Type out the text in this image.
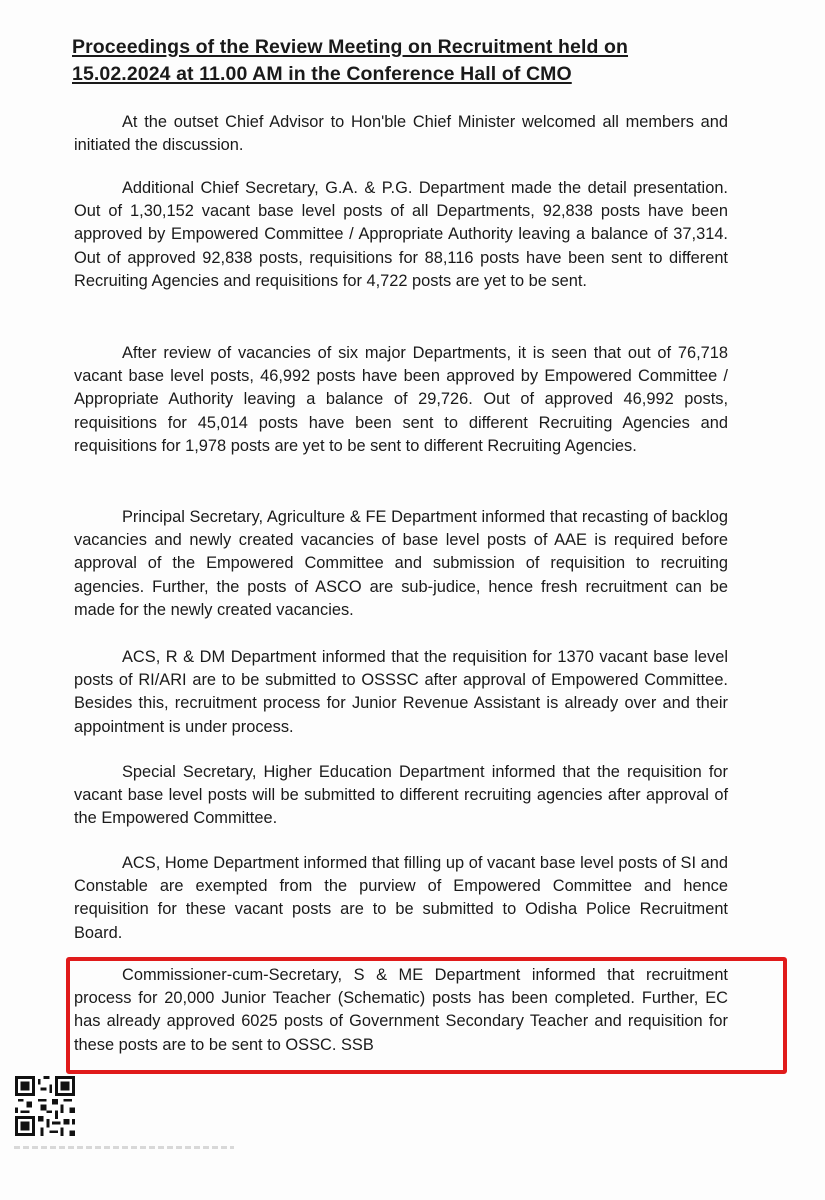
Proceedings of the Review Meeting on Recruitment held on
15.02.2024 at 11.00 AM in the Conference Hall of CMO

At the outset Chief Advisor to Hon'ble Chief Minister welcomed all members and initiated the discussion.

Additional Chief Secretary, G.A. & P.G. Department made the detail presentation. Out of 1,30,152 vacant base level posts of all Departments, 92,838 posts have been approved by Empowered Committee / Appropriate Authority leaving a balance of 37,314. Out of approved 92,838 posts, requisitions for 88,116 posts have been sent to different Recruiting Agencies and requisitions for 4,722 posts are yet to be sent.

After review of vacancies of six major Departments, it is seen that out of 76,718 vacant base level posts, 46,992 posts have been approved by Empowered Committee / Appropriate Authority leaving a balance of 29,726. Out of approved 46,992 posts, requisitions for 45,014 posts have been sent to different Recruiting Agencies and requisitions for 1,978 posts are yet to be sent to different Recruiting Agencies.

Principal Secretary, Agriculture & FE Department informed that recasting of backlog vacancies and newly created vacancies of base level posts of AAE is required before approval of the Empowered Committee and submission of requisition to recruiting agencies. Further, the posts of ASCO are sub-judice, hence fresh recruitment can be made for the newly created vacancies.

ACS, R & DM Department informed that the requisition for 1370 vacant base level posts of RI/ARI are to be submitted to OSSSC after approval of Empowered Committee. Besides this, recruitment process for Junior Revenue Assistant is already over and their appointment is under process.

Special Secretary, Higher Education Department informed that the requisition for vacant base level posts will be submitted to different recruiting agencies after approval of the Empowered Committee.

ACS, Home Department informed that filling up of vacant base level posts of SI and Constable are exempted from the purview of Empowered Committee and hence requisition for these vacant posts are to be submitted to Odisha Police Recruitment Board.

Commissioner-cum-Secretary, S & ME Department informed that recruitment process for 20,000 Junior Teacher (Schematic) posts has been completed. Further, EC has already approved 6025 posts of Government Secondary Teacher and requisition for these posts are to be sent to OSSC. SSB
